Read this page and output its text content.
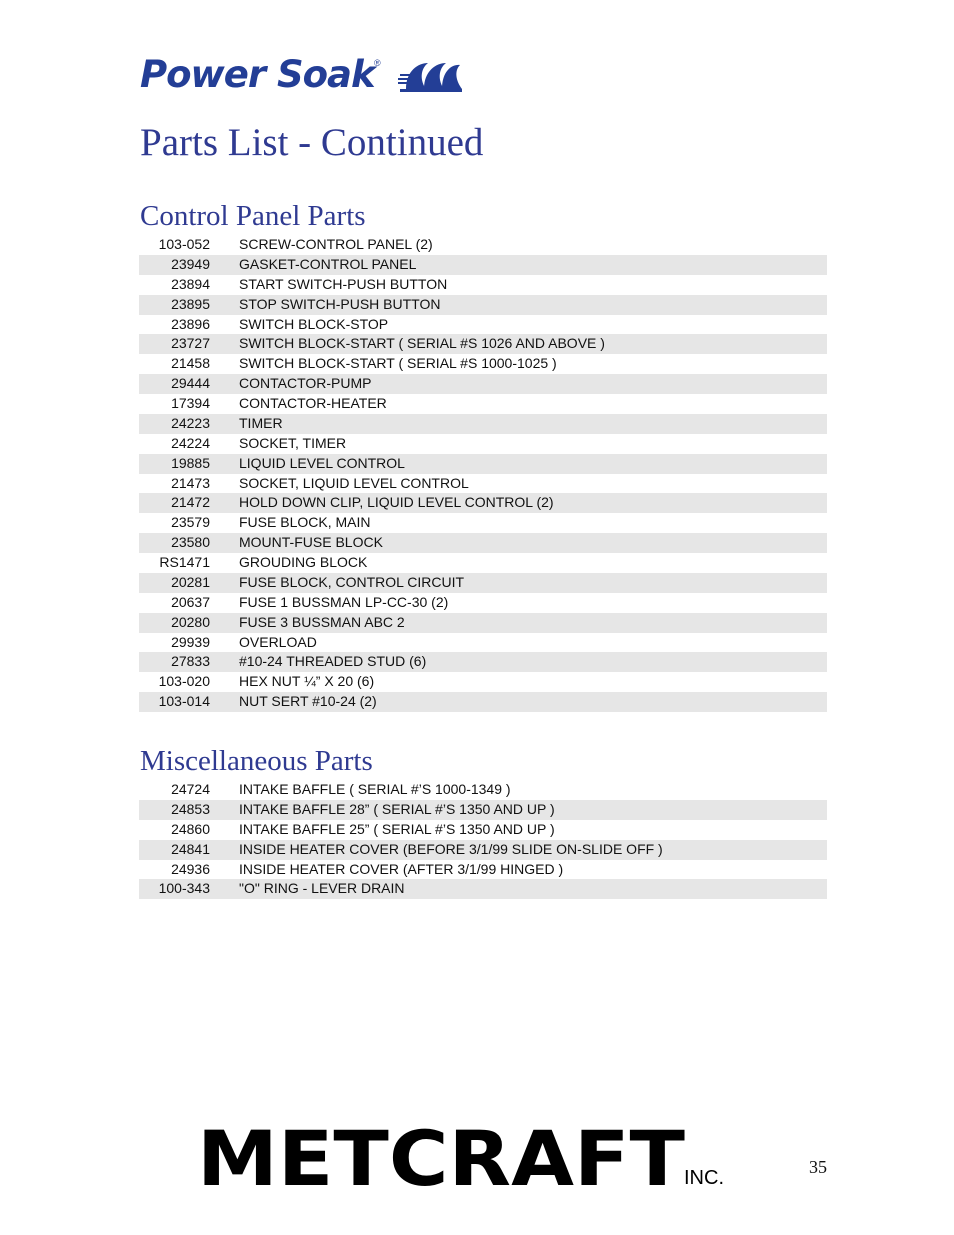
Power Soak ®
Parts List - Continued
Control Panel Parts
103-052 SCREW-CONTROL PANEL (2)
23949 GASKET-CONTROL PANEL
23894 START SWITCH-PUSH BUTTON
23895 STOP SWITCH-PUSH BUTTON
23896 SWITCH BLOCK-STOP
23727 SWITCH BLOCK-START ( SERIAL #S 1026 AND ABOVE )
21458 SWITCH BLOCK-START ( SERIAL #S 1000-1025 )
29444 CONTACTOR-PUMP
17394 CONTACTOR-HEATER
24223 TIMER
24224 SOCKET, TIMER
19885 LIQUID LEVEL CONTROL
21473 SOCKET, LIQUID LEVEL CONTROL
21472 HOLD DOWN CLIP, LIQUID LEVEL CONTROL (2)
23579 FUSE BLOCK, MAIN
23580 MOUNT-FUSE BLOCK
RS1471 GROUDING BLOCK
20281 FUSE BLOCK, CONTROL CIRCUIT
20637 FUSE 1 BUSSMAN LP-CC-30 (2)
20280 FUSE 3 BUSSMAN ABC 2
29939 OVERLOAD
27833 #10-24 THREADED STUD (6)
103-020 HEX NUT ¼” X 20 (6)
103-014 NUT SERT #10-24 (2)
Miscellaneous Parts
24724 INTAKE BAFFLE ( SERIAL #’S 1000-1349 )
24853 INTAKE BAFFLE 28” ( SERIAL #’S 1350 AND UP )
24860 INTAKE BAFFLE 25” ( SERIAL #’S 1350 AND UP )
24841 INSIDE HEATER COVER (BEFORE 3/1/99 SLIDE ON-SLIDE OFF )
24936 INSIDE HEATER COVER (AFTER 3/1/99 HINGED )
100-343 "O" RING - LEVER DRAIN
METCRAFT
INC.	35
